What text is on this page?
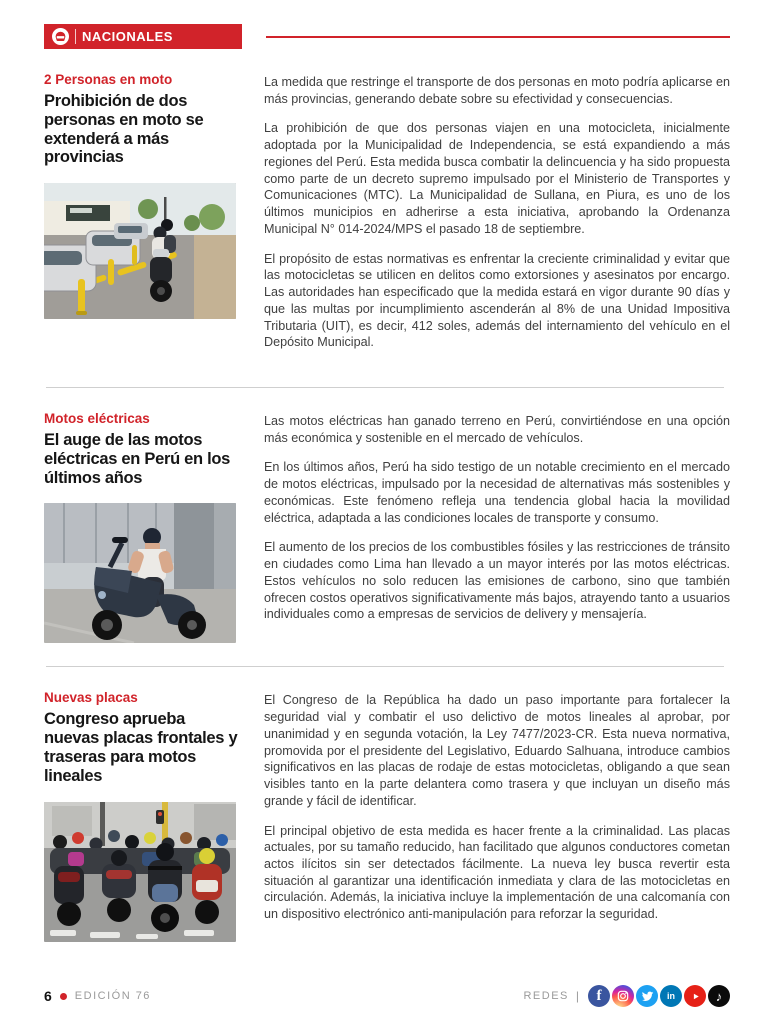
NACIONALES
2 Personas en moto
Prohibición de dos personas en moto se extenderá a más provincias

La medida que restringe el transporte de dos personas en moto podría aplicarse en más provincias, generando debate sobre su efectividad y consecuencias.

La prohibición de que dos personas viajen en una motocicleta, inicialmente adoptada por la Municipalidad de Independencia, se está expandiendo a más regiones del Perú. Esta medida busca combatir la delincuencia y ha sido propuesta como parte de un decreto supremo impulsado por el Ministerio de Transportes y Comunicaciones (MTC). La Municipalidad de Sullana, en Piura, es uno de los últimos municipios en adherirse a esta iniciativa, aprobando la Ordenanza Municipal N° 014-2024/MPS el pasado 18 de septiembre.

El propósito de estas normativas es enfrentar la creciente criminalidad y evitar que las motocicletas se utilicen en delitos como extorsiones y asesinatos por encargo. Las autoridades han especificado que la medida estará en vigor durante 90 días y que las multas por incumplimiento ascenderán al 8% de una Unidad Impositiva Tributaria (UIT), es decir, 412 soles, además del internamiento del vehículo en el Depósito Municipal.

Motos eléctricas
El auge de las motos eléctricas en Perú en los últimos años

Las motos eléctricas han ganado terreno en Perú, convirtiéndose en una opción más económica y sostenible en el mercado de vehículos.

En los últimos años, Perú ha sido testigo de un notable crecimiento en el mercado de motos eléctricas, impulsado por la necesidad de alternativas más sostenibles y económicas. Este fenómeno refleja una tendencia global hacia la movilidad eléctrica, adaptada a las condiciones locales de transporte y consumo.

El aumento de los precios de los combustibles fósiles y las restricciones de tránsito en ciudades como Lima han llevado a un mayor interés por las motos eléctricas. Estos vehículos no solo reducen las emisiones de carbono, sino que también ofrecen costos operativos significativamente más bajos, atrayendo tanto a usuarios individuales como a empresas de servicios de delivery y mensajería.

Nuevas placas
Congreso aprueba nuevas placas frontales y traseras para motos lineales

El Congreso de la República ha dado un paso importante para fortalecer la seguridad vial y combatir el uso delictivo de motos lineales al aprobar, por unanimidad y en segunda votación, la Ley 7477/2023-CR. Esta nueva normativa, promovida por el presidente del Legislativo, Eduardo Salhuana, introduce cambios significativos en las placas de rodaje de estas motocicletas, obligando a que sean visibles tanto en la parte delantera como trasera y que incluyan un diseño más grande y fácil de identificar.

El principal objetivo de esta medida es hacer frente a la criminalidad. Las placas actuales, por su tamaño reducido, han facilitado que algunos conductores cometan actos ilícitos sin ser detectados fácilmente. La nueva ley busca revertir esta situación al garantizar una identificación inmediata y clara de las motocicletas en circulación. Además, la iniciativa incluye la implementación de una calcomanía con un dispositivo electrónico anti-manipulación para reforzar la seguridad.

6 EDICIÓN 76	REDES |	f	in	♪
